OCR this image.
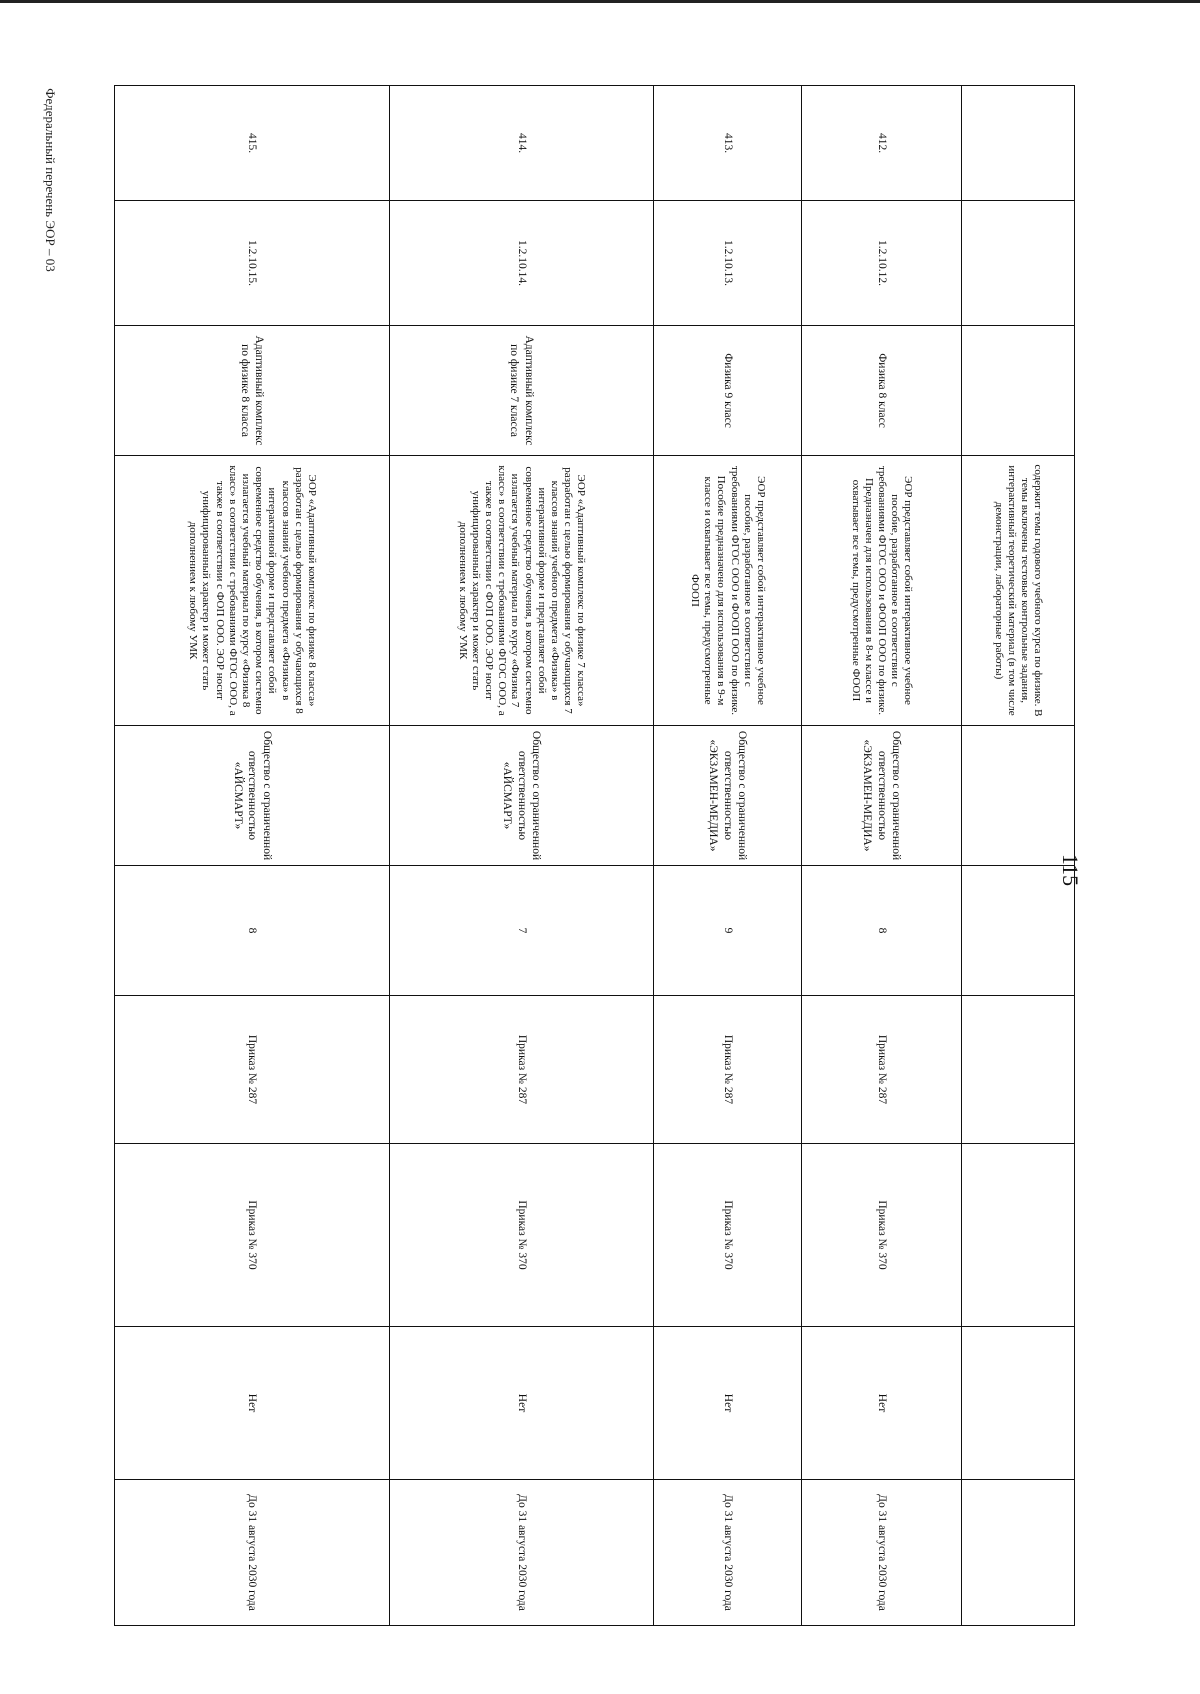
115
Федеральный перечень ЭОР – 03
			содержит темы годового учебного курса по физике. В темы включены тестовые контрольные задания, интерактивный теоретический материал (в том числе демонстрации, лабораторные работы)						
412.	1.2.10.12.	Физика 8 класс	ЭОР представляет собой интерактивное учебное пособие, разработанное в соответствии с требованиями ФГОС ООО и ФООП ООО по физике. Предназначен для использования в 8-м классе и охватывает все темы, предусмотренные ФООП	Общество с ограниченной ответственностью «ЭКЗАМЕН-МЕДИА»	8	Приказ № 287	Приказ № 370	Нет	До 31 августа 2030 года
413.	1.2.10.13.	Физика 9 класс	ЭОР представляет собой интерактивное учебное пособие, разработанное в соответствии с требованиями ФГОС ООО и ФООП ООО по физике. Пособие предназначено для использования в 9-м классе и охватывает все темы, предусмотренные ФООП	Общество с ограниченной ответственностью «ЭКЗАМЕН-МЕДИА»	9	Приказ № 287	Приказ № 370	Нет	До 31 августа 2030 года
414.	1.2.10.14.	Адаптивный комплекс по физике 7 класса	ЭОР «Адаптивный комплекс по физике 7 класса» разработан с целью формирования у обучающихся 7 классов знаний учебного предмета «Физика» в интерактивной форме и представляет собой современное средство обучения, в котором системно излагается учебный материал по курсу «Физика 7 класс» в соответствии с требованиями ФГОС ООО, а также в соответствии с ФОП ООО. ЭОР носит унифицированный характер и может стать дополнением к любому УМК	Общество с ограниченной ответственностью «АЙСМАРТ»	7	Приказ № 287	Приказ № 370	Нет	До 31 августа 2030 года
415.	1.2.10.15.	Адаптивный комплекс по физике 8 класса	ЭОР «Адаптивный комплекс по физике 8 класса» разработан с целью формирования у обучающихся 8 классов знаний учебного предмета «Физика» в интерактивной форме и представляет собой современное средство обучения, в котором системно излагается учебный материал по курсу «Физика 8 класс» в соответствии с требованиями ФГОС ООО, а также в соответствии с ФОП ООО. ЭОР носит унифицированный характер и может стать дополнением к любому УМК	Общество с ограниченной ответственностью «АЙСМАРТ»	8	Приказ № 287	Приказ № 370	Нет	До 31 августа 2030 года
